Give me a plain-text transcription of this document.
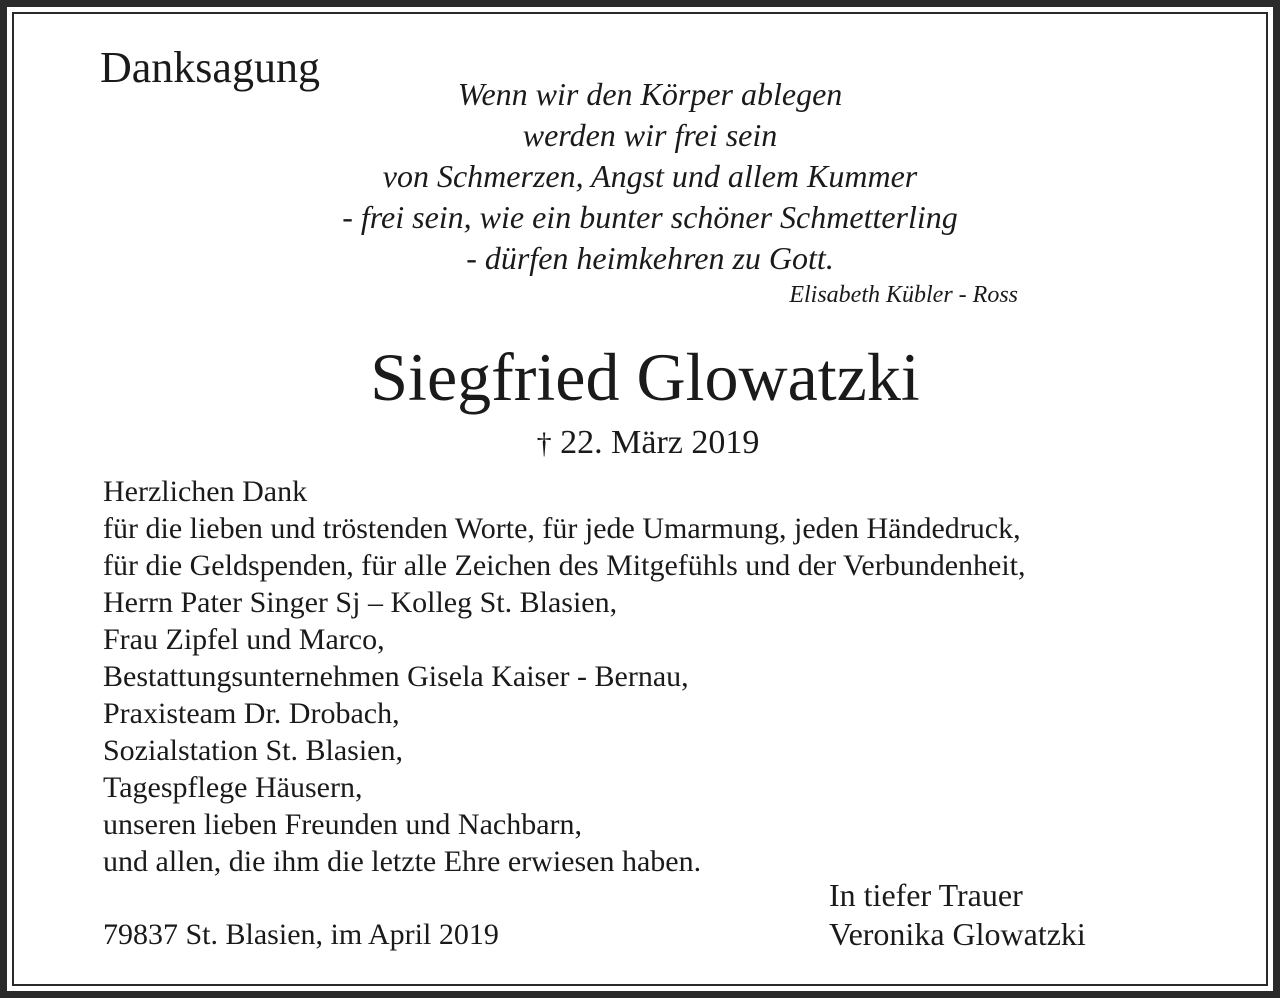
Danksagung
Wenn wir den Körper ablegen
werden wir frei sein
von Schmerzen, Angst und allem Kummer
- frei sein, wie ein bunter schöner Schmetterling
- dürfen heimkehren zu Gott.
Elisabeth Kübler - Ross
Siegfried Glowatzki
† 22. März 2019
Herzlichen Dank
für die lieben und tröstenden Worte, für jede Umarmung, jeden Händedruck,
für die Geldspenden, für alle Zeichen des Mitgefühls und der Verbundenheit,
Herrn Pater Singer Sj – Kolleg St. Blasien,
Frau Zipfel und Marco,
Bestattungsunternehmen Gisela Kaiser - Bernau,
Praxisteam Dr. Drobach,
Sozialstation St. Blasien,
Tagespflege Häusern,
unseren lieben Freunden und Nachbarn,
und allen, die ihm die letzte Ehre erwiesen haben.
In tiefer Trauer
Veronika Glowatzki
79837 St. Blasien, im April 2019
